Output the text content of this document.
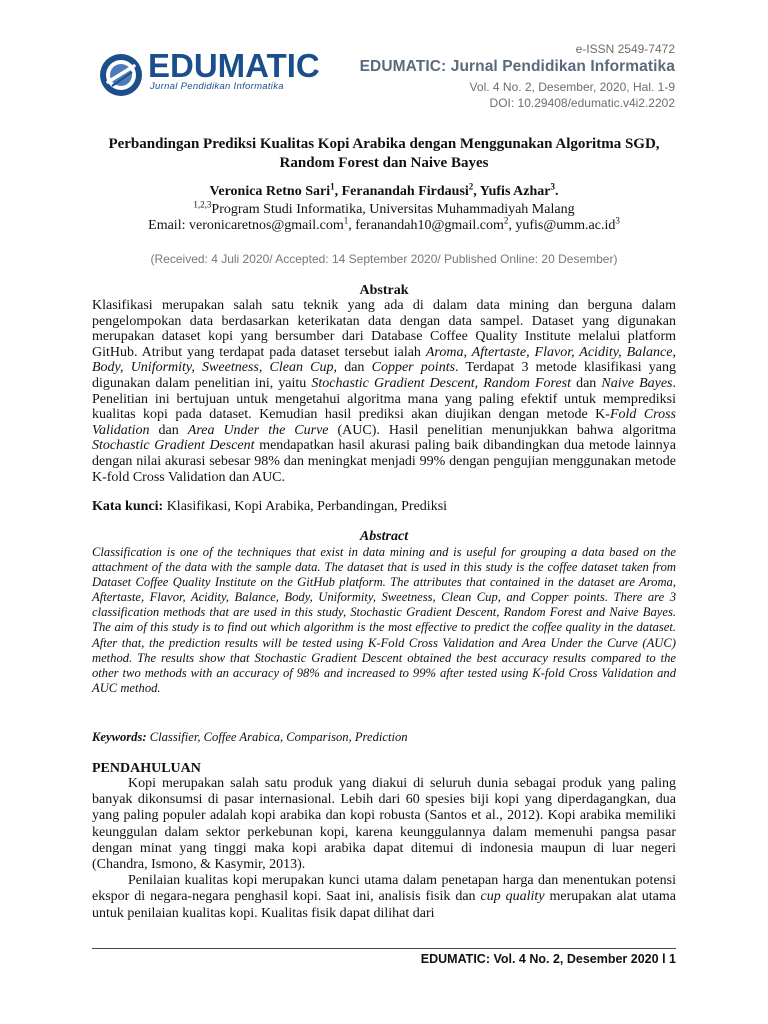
EDUMATIC
Jurnal Pendidikan Informatika
e-ISSN 2549-7472
EDUMATIC: Jurnal Pendidikan Informatika
Vol. 4 No. 2, Desember, 2020, Hal. 1-9
DOI: 10.29408/edumatic.v4i2.2202
Perbandingan Prediksi Kualitas Kopi Arabika dengan Menggunakan Algoritma SGD,
Random Forest dan Naive Bayes
Veronica Retno Sari$^1$, Feranandah Firdausi$^2$, Yufis Azhar$^3$.
$^{1,2,3}$Program Studi Informatika, Universitas Muhammadiyah Malang
Email: veronicaretnos@gmail.com$^1$, feranandah10@gmail.com$^2$, $yufis@umm.ac.id^3$
(Received: 4 Juli 2020/ Accepted: 14 September 2020/ Published Online: 20 Desember)
Abstrak
Klasifikasi merupakan salah satu teknik yang ada di dalam data mining dan berguna dalam pengelompokan data berdasarkan keterikatan data dengan data sampel. Dataset yang digunakan merupakan dataset kopi yang bersumber dari Database Coffee Quality Institute melalui platform GitHub. Atribut yang terdapat pada dataset tersebut ialah Aroma, Aftertaste, Flavor, Acidity, Balance, Body, Uniformity, Sweetness, Clean Cup, dan Copper points. Terdapat 3 metode klasifikasi yang digunakan dalam penelitian ini, yaitu Stochastic Gradient Descent, Random Forest dan Naive Bayes. Penelitian ini bertujuan untuk mengetahui algoritma mana yang paling efektif untuk memprediksi kualitas kopi pada dataset. Kemudian hasil prediksi akan diujikan dengan metode K-Fold Cross Validation dan Area Under the Curve (AUC). Hasil penelitian menunjukkan bahwa algoritma Stochastic Gradient Descent mendapatkan hasil akurasi paling baik dibandingkan dua metode lainnya dengan nilai akurasi sebesar 98% dan meningkat menjadi 99% dengan pengujian menggunakan metode K-fold Cross Validation dan AUC.
Kata kunci: Klasifikasi, Kopi Arabika, Perbandingan, Prediksi
Abstract
Classification is one of the techniques that exist in data mining and is useful for grouping a data based on the attachment of the data with the sample data. The dataset that is used in this study is the coffee dataset taken from Dataset Coffee Quality Institute on the GitHub platform. The attributes that contained in the dataset are Aroma, Aftertaste, Flavor, Acidity, Balance, Body, Uniformity, Sweetness, Clean Cup, and Copper points. There are 3 classification methods that are used in this study, Stochastic Gradient Descent, Random Forest and Naive Bayes. The aim of this study is to find out which algorithm is the most effective to predict the coffee quality in the dataset. After that, the prediction results will be tested using K-Fold Cross Validation and Area Under the Curve (AUC) method. The results show that Stochastic Gradient Descent obtained the best accuracy results compared to the other two methods with an accuracy of 98% and increased to 99% after tested using K-fold Cross Validation and AUC method.
Keywords: Classifier, Coffee Arabica, Comparison, Prediction
PENDAHULUAN

Kopi merupakan salah satu produk yang diakui di seluruh dunia sebagai produk yang paling banyak dikonsumsi di pasar internasional. Lebih dari 60 spesies biji kopi yang diperdagangkan, dua yang paling populer adalah kopi arabika dan kopi robusta (Santos et al., 2012). Kopi arabika memiliki keunggulan dalam sektor perkebunan kopi, karena keunggulannya dalam memenuhi pangsa pasar dengan minat yang tinggi maka kopi arabika dapat ditemui di indonesia maupun di luar negeri (Chandra, Ismono, & Kasymir, 2013).

Penilaian kualitas kopi merupakan kunci utama dalam penetapan harga dan menentukan potensi ekspor di negara-negara penghasil kopi. Saat ini, analisis fisik dan cup quality merupakan alat utama untuk penilaian kualitas kopi. Kualitas fisik dapat dilihat dari

EDUMATIC: Vol. 4 No. 2, Desember 2020 l 1
